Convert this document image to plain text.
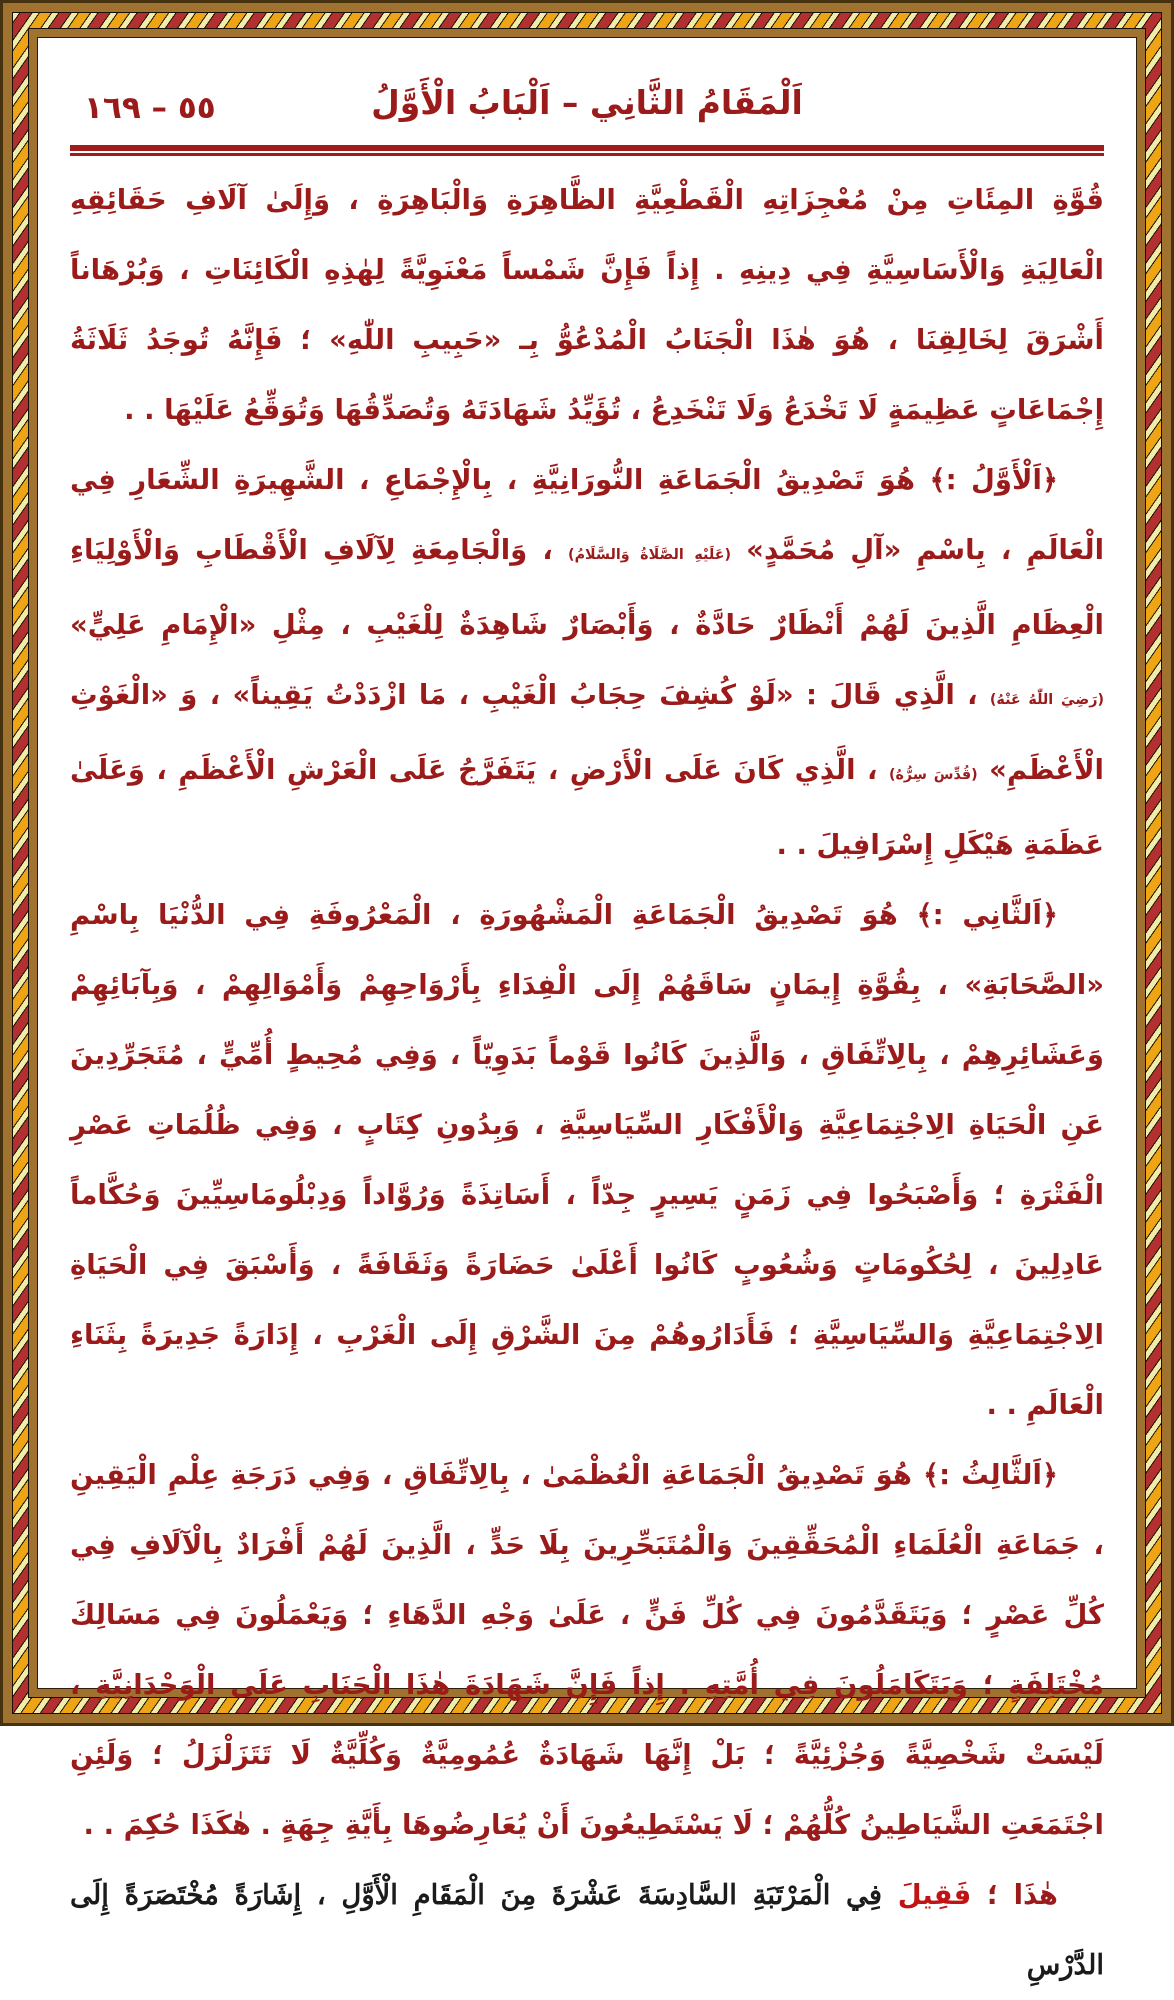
٥٥ – ١٦٩	اَلْمَقَامُ الثَّانِي – اَلْبَابُ الْأَوَّلُ

قُوَّةِ المِئَاتِ مِنْ مُعْجِزَاتِهِ الْقَطْعِيَّةِ الظَّاهِرَةِ وَالْبَاهِرَةِ ، وَإِلَىٰ آلَافِ حَقَائِقِهِ الْعَالِيَةِ وَالْأَسَاسِيَّةِ فِي دِينِهِ . إِذاً فَإِنَّ شَمْساً مَعْنَوِيَّةً لِهٰذِهِ الْكَائِنَاتِ ، وَبُرْهَاناً أَشْرَقَ لِخَالِقِنَا ، هُوَ هٰذَا الْجَنَابُ الْمُدْعُوُّ بِـ «حَبِيبِ اللّٰهِ» ؛ فَإِنَّهُ تُوجَدُ ثَلَاثَةُ إِجْمَاعَاتٍ عَظِيمَةٍ لَا تَخْدَعُ وَلَا تَنْخَدِعُ ، تُؤَيِّدُ شَهَادَتَهُ وَتُصَدِّقُهَا وَتُوَقِّعُ عَلَيْهَا . .

﴿اَلْأَوَّلُ :﴾ هُوَ تَصْدِيقُ الْجَمَاعَةِ النُّورَانِيَّةِ ، بِالْإِجْمَاعِ ، الشَّهِيرَةِ الشِّعَارِ فِي الْعَالَمِ ، بِاسْمِ «آلِ مُحَمَّدٍ» (عَلَيْهِ الصَّلَاةُ وَالسَّلَامُ) ، وَالْجَامِعَةِ لِآلَافِ الْأَقْطَابِ وَالْأَوْلِيَاءِ الْعِظَامِ الَّذِينَ لَهُمْ أَنْظَارٌ حَادَّةٌ ، وَأَبْصَارٌ شَاهِدَةٌ لِلْغَيْبِ ، مِثْلِ «الْإِمَامِ عَلِيٍّ» (رَضِيَ اللّٰهُ عَنْهُ) ، الَّذِي قَالَ : «لَوْ كُشِفَ حِجَابُ الْغَيْبِ ، مَا ازْدَدْتُ يَقِيناً» ، وَ «الْغَوْثِ الْأَعْظَمِ» (قُدِّسَ سِرُّهُ) ، الَّذِي كَانَ عَلَى الْأَرْضِ ، يَتَفَرَّجُ عَلَى الْعَرْشِ الْأَعْظَمِ ، وَعَلَىٰ عَظَمَةِ هَيْكَلِ إِسْرَافِيلَ . .

﴿اَلثَّانِي :﴾ هُوَ تَصْدِيقُ الْجَمَاعَةِ الْمَشْهُورَةِ ، الْمَعْرُوفَةِ فِي الدُّنْيَا بِاسْمِ «الصَّحَابَةِ» ، بِقُوَّةِ إِيمَانٍ سَاقَهُمْ إِلَى الْفِدَاءِ بِأَرْوَاحِهِمْ وَأَمْوَالِهِمْ ، وَبِآبَائِهِمْ وَعَشَائِرِهِمْ ، بِالِاتِّفَاقِ ، وَالَّذِينَ كَانُوا قَوْماً بَدَوِيّاً ، وَفِي مُحِيطٍ أُمِّيٍّ ، مُتَجَرِّدِينَ عَنِ الْحَيَاةِ الِاجْتِمَاعِيَّةِ وَالْأَفْكَارِ السِّيَاسِيَّةِ ، وَبِدُونِ كِتَابٍ ، وَفِي ظُلُمَاتِ عَصْرِ الْفَتْرَةِ ؛ وَأَصْبَحُوا فِي زَمَنٍ يَسِيرٍ جِدّاً ، أَسَاتِذَةً وَرُوَّاداً وَدِبْلُومَاسِيِّينَ وَحُكَّاماً عَادِلِينَ ، لِحُكُومَاتٍ وَشُعُوبٍ كَانُوا أَعْلَىٰ حَضَارَةً وَثَقَافَةً ، وَأَسْبَقَ فِي الْحَيَاةِ الِاجْتِمَاعِيَّةِ وَالسِّيَاسِيَّةِ ؛ فَأَدَارُوهُمْ مِنَ الشَّرْقِ إِلَى الْغَرْبِ ، إِدَارَةً جَدِيرَةً بِثَنَاءِ الْعَالَمِ . .

﴿اَلثَّالِثُ :﴾ هُوَ تَصْدِيقُ الْجَمَاعَةِ الْعُظْمَىٰ ، بِالِاتِّفَاقِ ، وَفِي دَرَجَةِ عِلْمِ الْيَقِينِ ، جَمَاعَةِ الْعُلَمَاءِ الْمُحَقِّقِينَ وَالْمُتَبَحِّرِينَ بِلَا حَدٍّ ، الَّذِينَ لَهُمْ أَفْرَادٌ بِالْآلَافِ فِي كُلِّ عَصْرٍ ؛ وَيَتَقَدَّمُونَ فِي كُلِّ فَنٍّ ، عَلَىٰ وَجْهِ الدَّهَاءِ ؛ وَيَعْمَلُونَ فِي مَسَالِكَ مُخْتَلِفَةٍ ؛ وَيَتَكَامَلُونَ فِي أُمَّتِهِ . إِذاً فَإِنَّ شَهَادَةَ هٰذَا الْجَنَابِ عَلَى الْوَحْدَانِيَّةِ ، لَيْسَتْ شَخْصِيَّةً وَجُزْئِيَّةً ؛ بَلْ إِنَّهَا شَهَادَةٌ عُمُومِيَّةٌ وَكُلِّيَّةٌ لَا تَتَزَلْزَلُ ؛ وَلَئِنِ اجْتَمَعَتِ الشَّيَاطِينُ كُلُّهُمْ ؛ لَا يَسْتَطِيعُونَ أَنْ يُعَارِضُوهَا بِأَيَّةِ جِهَةٍ . هٰكَذَا حُكِمَ . .

هٰذَا ؛ فَقِيلَ فِي الْمَرْتَبَةِ السَّادِسَةَ عَشْرَةَ مِنَ الْمَقَامِ الْأَوَّلِ ، إِشَارَةً مُخْتَصَرَةً إِلَى الدَّرْسِ
